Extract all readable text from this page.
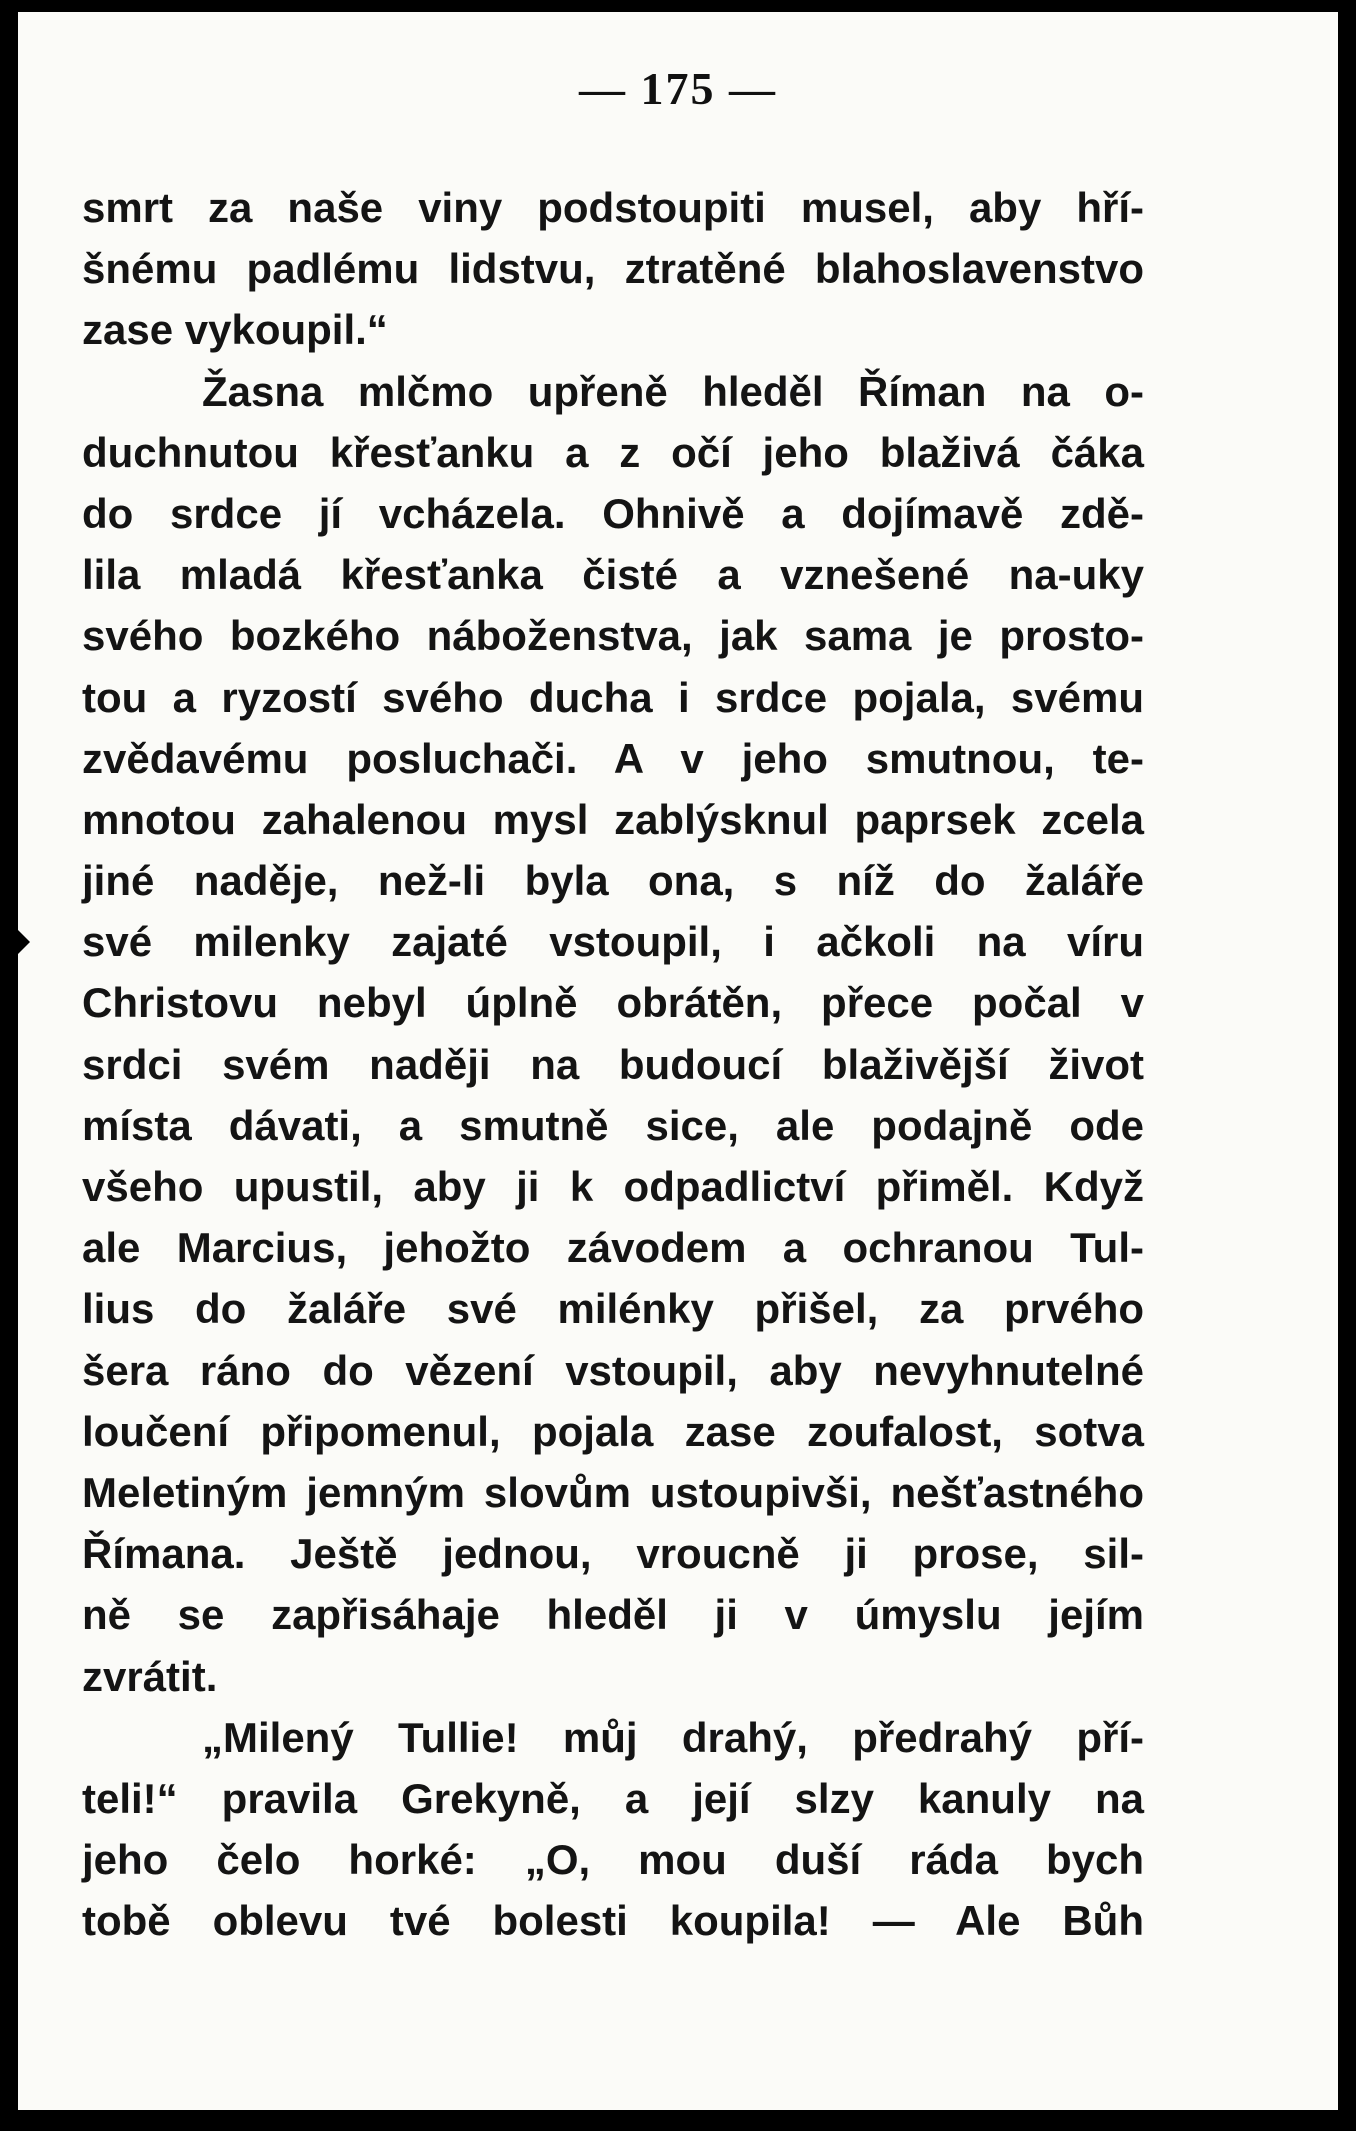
— 175 —
smrt za naše viny podstoupiti musel, aby hří-
šnému padlému lidstvu, ztratěné blahoslavenstvo
zase vykoupil.“
Žasna mlčmo upřeně hleděl Říman na o-
duchnutou křesťanku a z očí jeho blaživá čáka
do srdce jí vcházela. Ohnivě a dojímavě zdě-
lila mladá křesťanka čisté a vznešené na-uky
svého bozkého náboženstva, jak sama je prosto-
tou a ryzostí svého ducha i srdce pojala, svému
zvědavému posluchači. A v jeho smutnou, te-
mnotou zahalenou mysl zablýsknul paprsek zcela
jiné naděje, než-li byla ona, s níž do žaláře
své milenky zajaté vstoupil, i ačkoli na víru
Christovu nebyl úplně obrátěn, přece počal v
srdci svém naději na budoucí blaživější život
místa dávati, a smutně sice, ale podajně ode
všeho upustil, aby ji k odpadlictví přiměl. Když
ale Marcius, jehožto závodem a ochranou Tul-
lius do žaláře své milénky přišel, za prvého
šera ráno do vězení vstoupil, aby nevyhnutelné
loučení připomenul, pojala zase zoufalost, sotva
Meletiným jemným slovům ustoupivši, nešťastného
Římana. Ještě jednou, vroucně ji prose, sil-
ně se zapřisáhaje hleděl ji v úmyslu jejím
zvrátit.
„Milený Tullie! můj drahý, předrahý pří-
teli!“ pravila Grekyně, a její slzy kanuly na
jeho čelo horké: „O, mou duší ráda bych
tobě oblevu tvé bolesti koupila! — Ale Bůh
